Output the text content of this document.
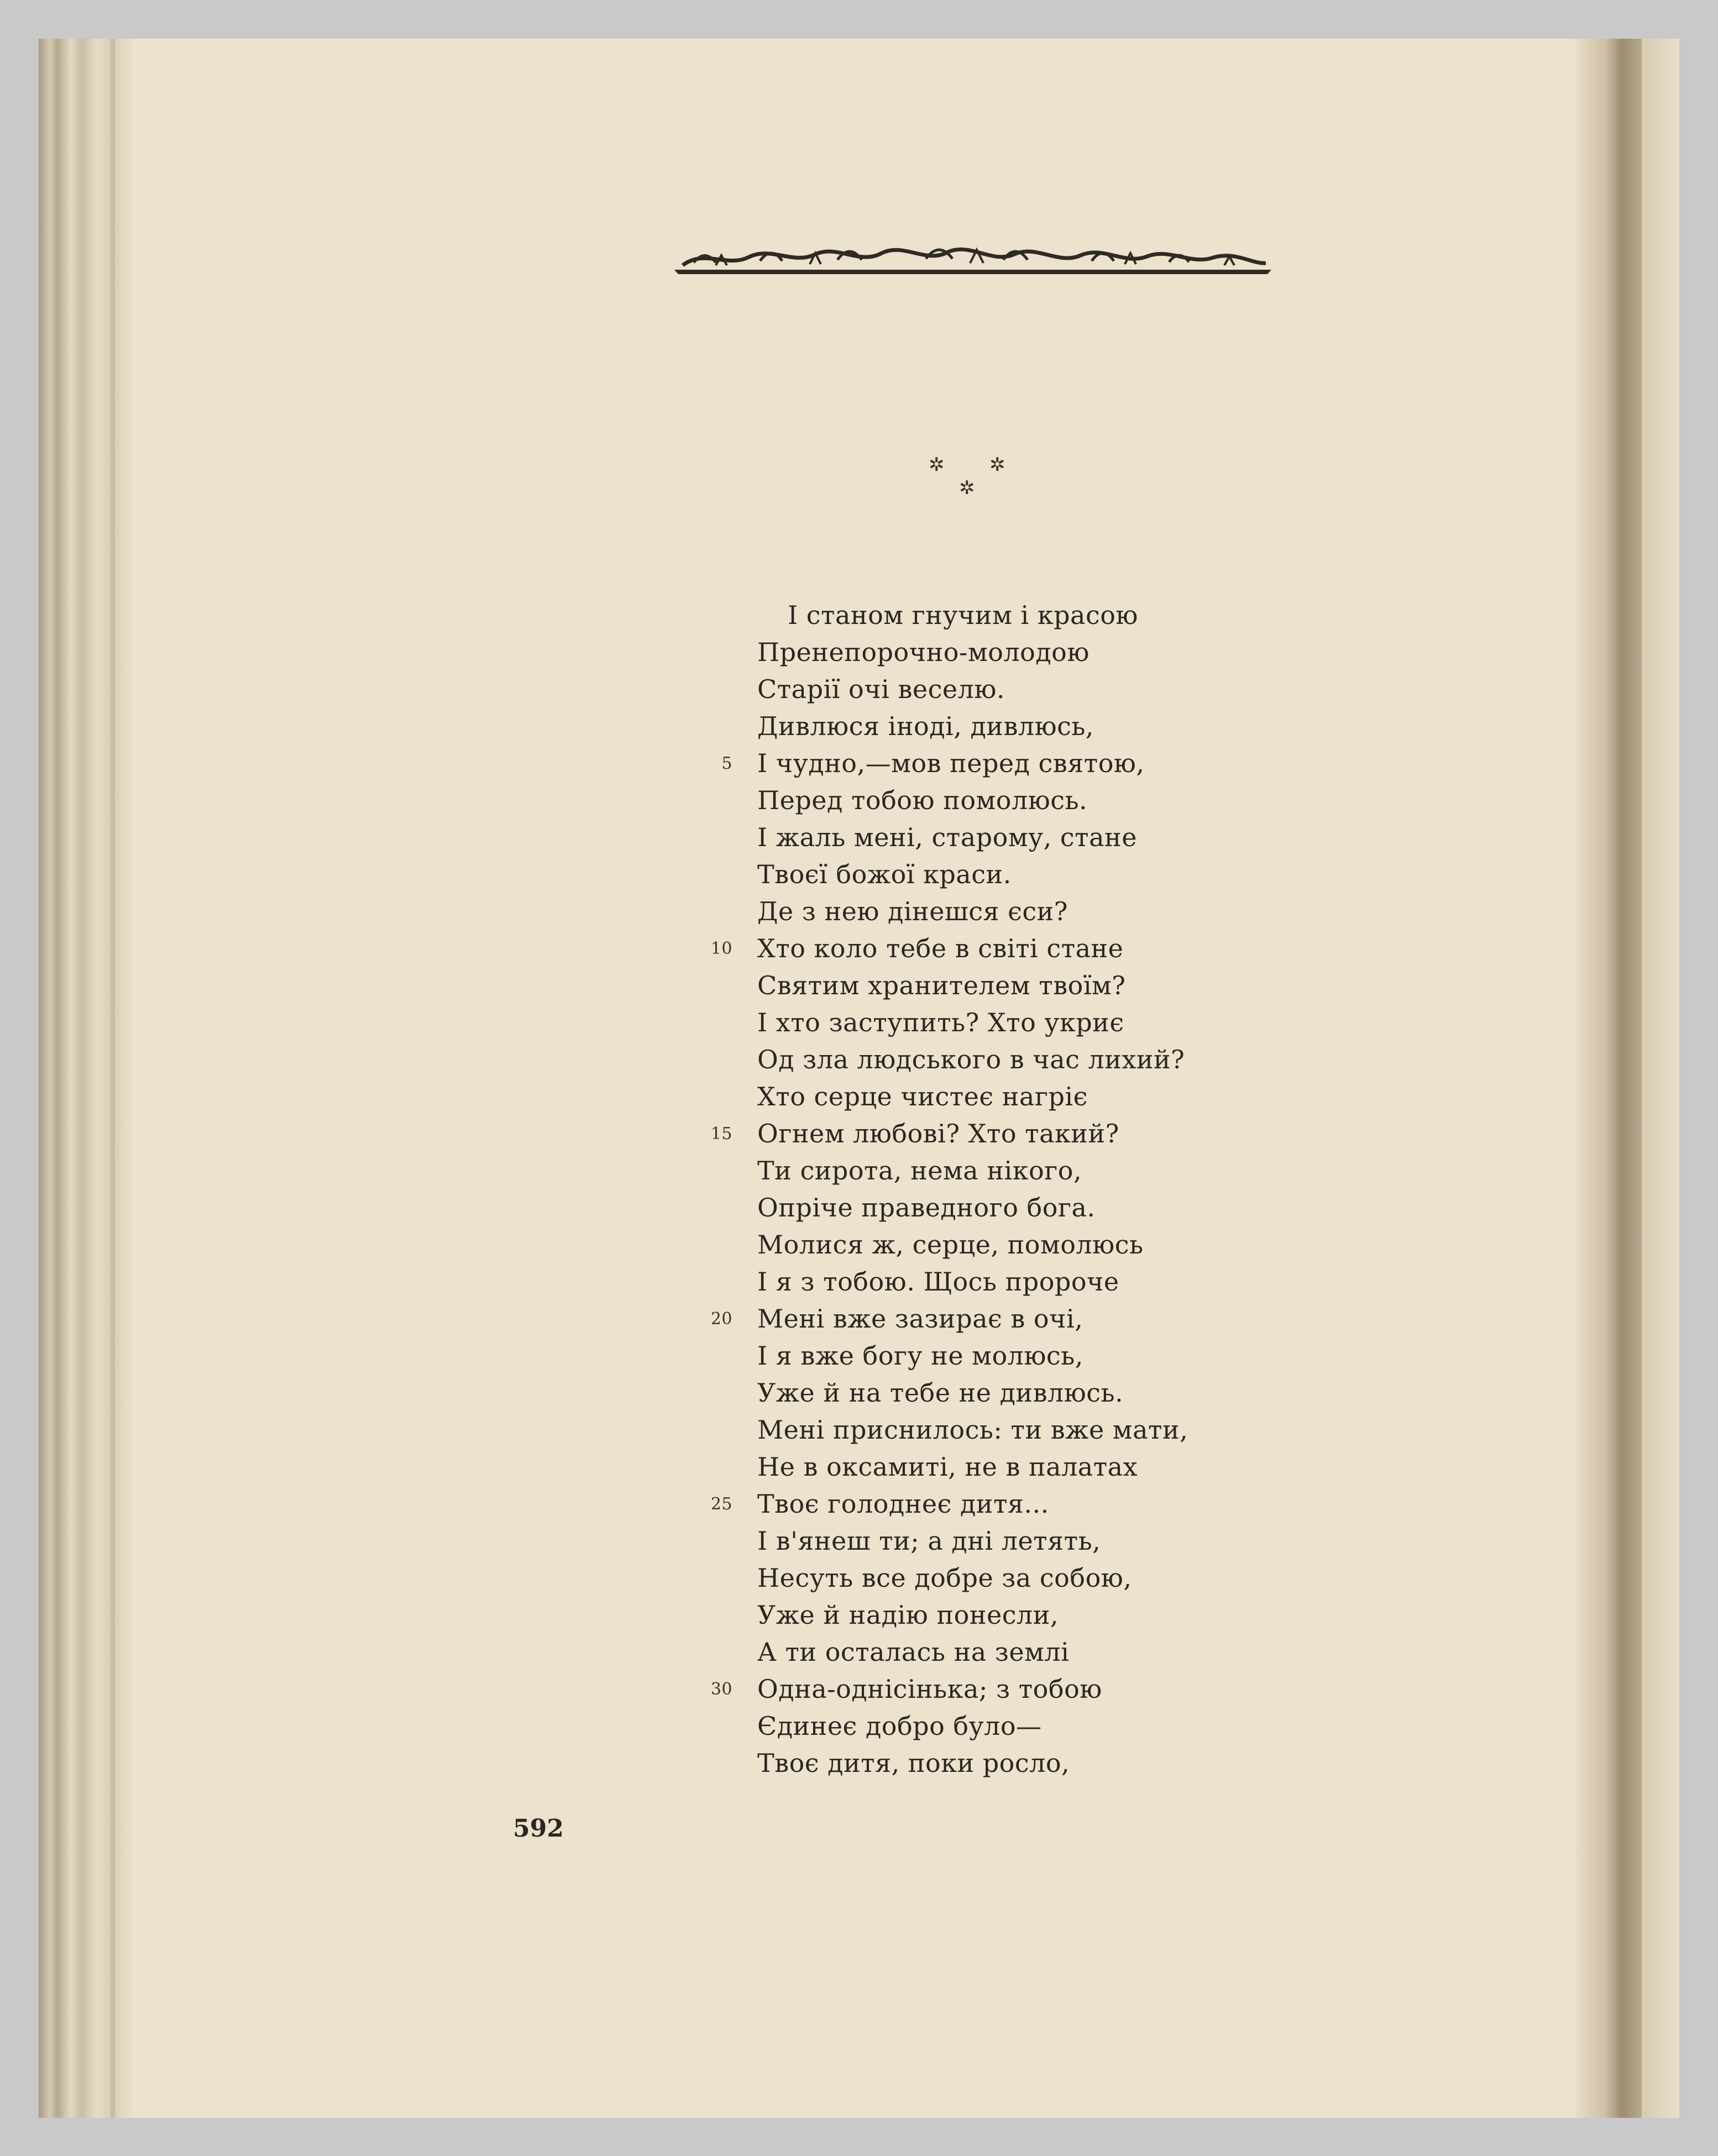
✲ ✲
✲
І станом гнучим і красою
Пренепорочно-молодою
Старії очі веселю.
Дивлюся іноді, дивлюсь,
5 І чудно,—мов перед святою,
Перед тобою помолюсь.
І жаль мені, старому, стане
Твоєї божої краси.
Де з нею дінешся єси?
10 Хто коло тебе в світі стане
Святим хранителем твоїм?
І хто заступить? Хто укриє
Од зла людського в час лихий?
Хто серце чистеє нагріє
15 Огнем любові? Хто такий?
Ти сирота, нема нікого,
Опріче праведного бога.
Молися ж, серце, помолюсь
І я з тобою. Щось пророче
20 Мені вже зазирає в очі,
І я вже богу не молюсь,
Уже й на тебе не дивлюсь.
Мені приснилось: ти вже мати,
Не в оксамиті, не в палатах
25 Твоє голоднеє дитя...
І в'янеш ти; а дні летять,
Несуть все добре за собою,
Уже й надію понесли,
А ти осталась на землі
30 Одна-однісінька; з тобою
Єдинеє добро було—
Твоє дитя, поки росло,
592
